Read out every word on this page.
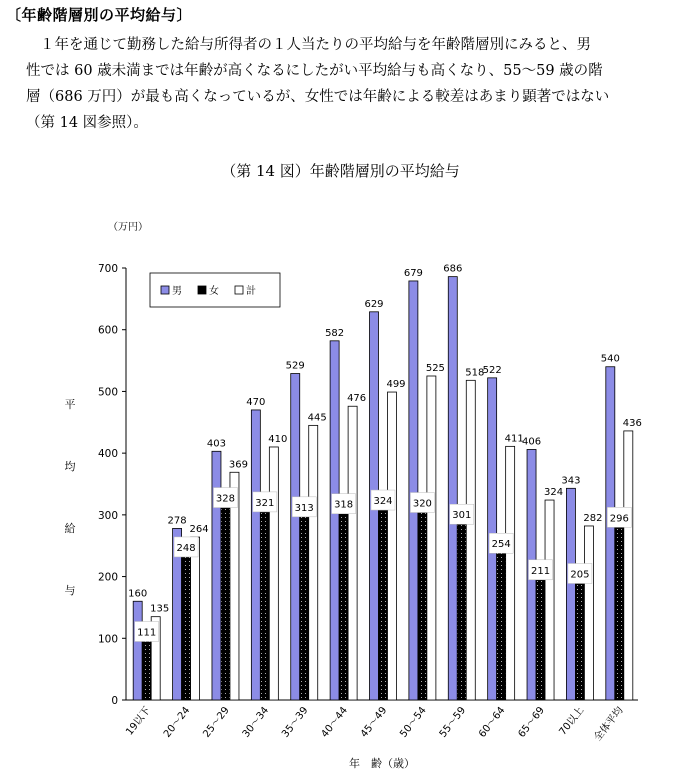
〔年齢階層別の平均給与〕

１年を通じて勤務した給与所得者の１人当たりの平均給与を年齢階層別にみると、男

性では 60 歳未満までは年齢が高くなるにしたがい平均給与も高くなり、55～59 歳の階

層（686 万円）が最も高くなっているが、女性では年齢による較差はあまり顕著ではない

（第 14 図参照）。

（第 14 図）年齢階層別の平均給与
0
100
200
300
400
500
600
700
（万円）
平
均
給
与
年　齢（歳）
160
135
111
19以下
278
264
248
20～24
403
369
328
25～29
470
410
321
30～34
529
445
313
35～39
582
476
318
40～44
629
499
324
45～49
679
525
320
50～54
686
518
301
55～59
522
411
254
60～64
406
324
211
65～69
343
282
205
70以上
540
436
296
全体平均
男	女	計
